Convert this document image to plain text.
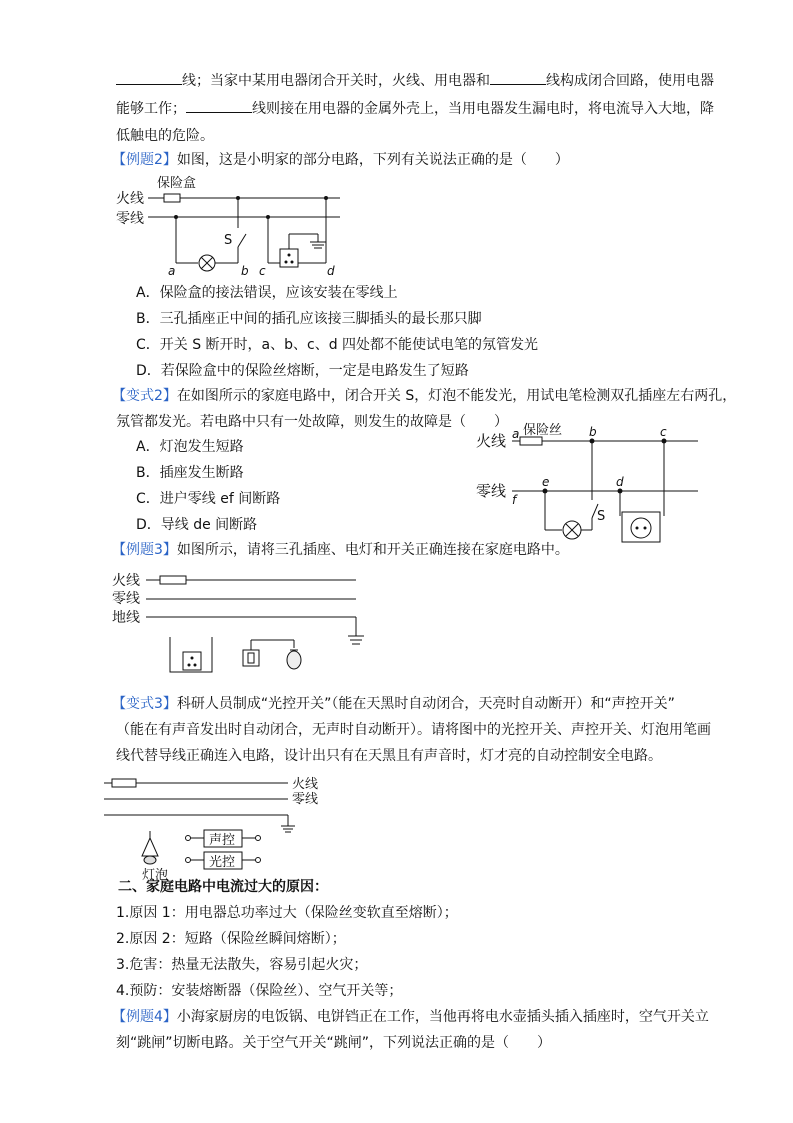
线；当家中某用电器闭合开关时，火线、用电器和	线构成闭合回路，使用电器
能够工作；	线则接在用电器的金属外壳上，当用电器发生漏电时，将电流导入大地，降
低触电的危险。
【例题2】如图，这是小明家的部分电路，下列有关说法正确的是（　　）
火线
零线
保险盒
S
a	b c	d
A．保险盒的接法错误，应该安装在零线上
B．三孔插座正中间的插孔应该接三脚插头的最长那只脚
C．开关 S 断开时，a、b、c、d 四处都不能使试电笔的氖管发光
D．若保险盒中的保险丝熔断，一定是电路发生了短路
【变式2】在如图所示的家庭电路中，闭合开关 S，灯泡不能发光，用试电笔检测双孔插座左右两孔，
氖管都发光。若电路中只有一处故障，则发生的故障是（　　）
A．灯泡发生短路
B．插座发生断路
C．进户零线 ef 间断路
D．导线 de 间断路
火线
零线
保险丝
a	b	c
e	d
f
S
【例题3】如图所示，请将三孔插座、电灯和开关正确连接在家庭电路中。
火线
零线
地线
【变式3】科研人员制成“光控开关”（能在天黑时自动闭合，天亮时自动断开）和“声控开关”
（能在有声音发出时自动闭合，无声时自动断开）。请将图中的光控开关、声控开关、灯泡用笔画
线代替导线正确连入电路，设计出只有在天黑且有声音时，灯才亮的自动控制安全电路。
火线
零线
声控
光控
灯泡
二、家庭电路中电流过大的原因：
1.原因 1：用电器总功率过大（保险丝变软直至熔断）；
2.原因 2：短路（保险丝瞬间熔断）；
3.危害：热量无法散失，容易引起火灾；
4.预防：安装熔断器（保险丝）、空气开关等；
【例题4】小海家厨房的电饭锅、电饼铛正在工作，当他再将电水壶插头插入插座时，空气开关立
刻“跳闸”切断电路。关于空气开关“跳闸”，下列说法正确的是（　　）
